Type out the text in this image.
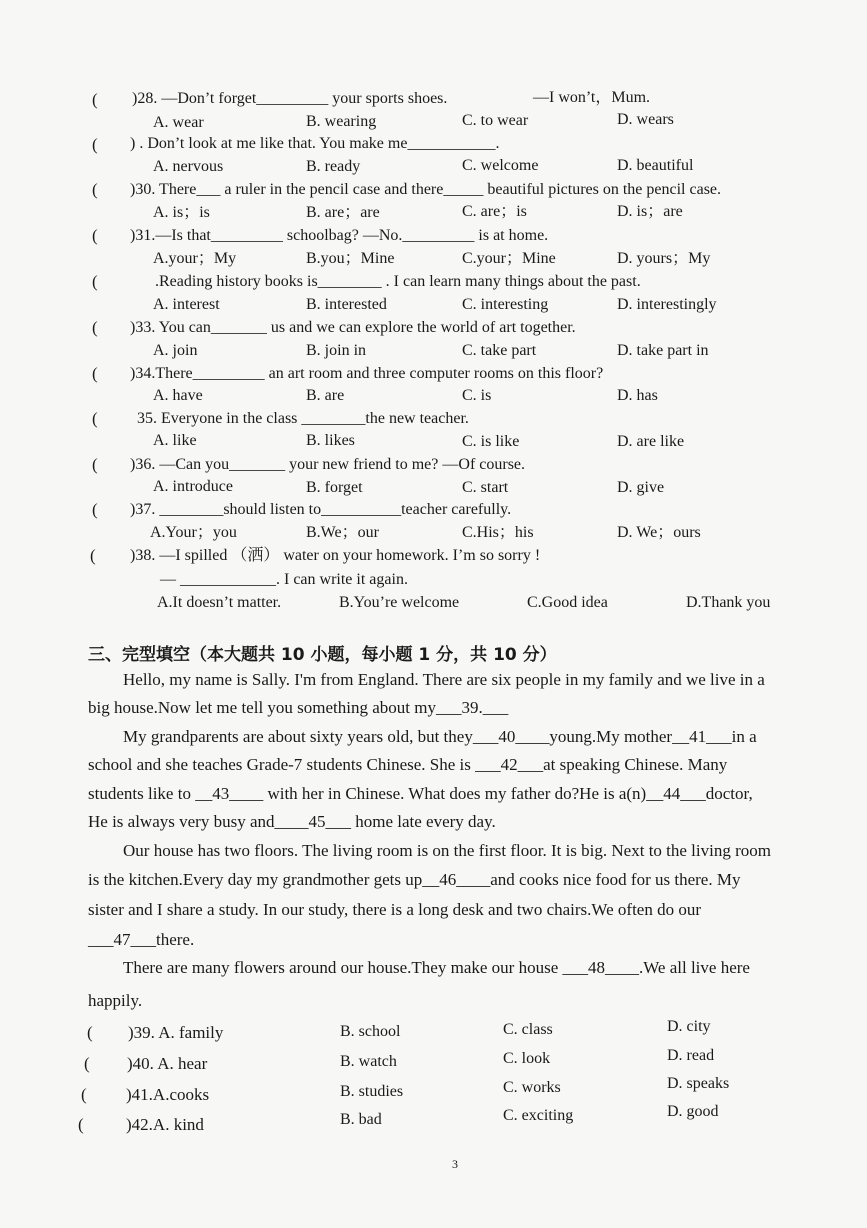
( )28. —Don’t forget_________ your sports shoes.	—I won’t，Mum.
A. wear	B. wearing	C. to wear	D. wears
( ) . Don’t look at me like that. You make me___________.
A. nervous	B. ready	C. welcome	D. beautiful
( )30. There___ a ruler in the pencil case and there_____ beautiful pictures on the pencil case.
A. is；is	B. are；are	C. are；is	D. is；are
( )31.—Is that_________ schoolbag? —No._________ is at home.
A.your；My	B.you；Mine	C.your；Mine	D. yours；My
(	.Reading history books is________ . I can learn many things about the past.
A. interest	B. interested	C. interesting	D. interestingly
( )33. You can_______ us and we can explore the world of art together.
A. join	B. join in	C. take part	D. take part in
( )34.There_________ an art room and three computer rooms on this floor?
A. have	B. are	C. is	D. has
( 35. Everyone in the class ________the new teacher.
A. like	B. likes	C. is like	D. are like
( )36. —Can you_______ your new friend to me? —Of course.
A. introduce	B. forget	C. start	D. give
( )37. ________should listen to__________teacher carefully.
A.Your；you	B.We；our	C.His；his	D. We；ours
( )38. —I spilled （洒） water on your homework. I’m so sorry !
— ____________. I can write it again.
A.It doesn’t matter.	B.You’re welcome	C.Good idea	D.Thank you
三、完型填空（本大题共 10 小题，每小题 1 分，共 10 分）
Hello, my name is Sally. I'm from England. There are six people in my family and we live in a
big house.Now let me tell you something about my___39.___
My grandparents are about sixty years old, but they___40____young.My mother__41___in a
school and she teaches Grade-7 students Chinese. She is ___42___at speaking Chinese. Many
students like to __43____ with her in Chinese. What does my father do?He is a(n)__44___doctor,
He is always very busy and____45___ home late every day.
Our house has two floors. The living room is on the first floor. It is big. Next to the living room
is the kitchen.Every day my grandmother gets up__46____and cooks nice food for us there. My
sister and I share a study. In our study, there is a long desk and two chairs.We often do our
___47___there.
There are many flowers around our house.They make our house ___48____.We all live here
happily.
( )39. A. family	B. school	C. class	D. city
( )40. A. hear	B. watch	C. look	D. read
( )41.A.cooks	B. studies	C. works	D. speaks
( )42.A. kind	B. bad	C. exciting	D. good
3
